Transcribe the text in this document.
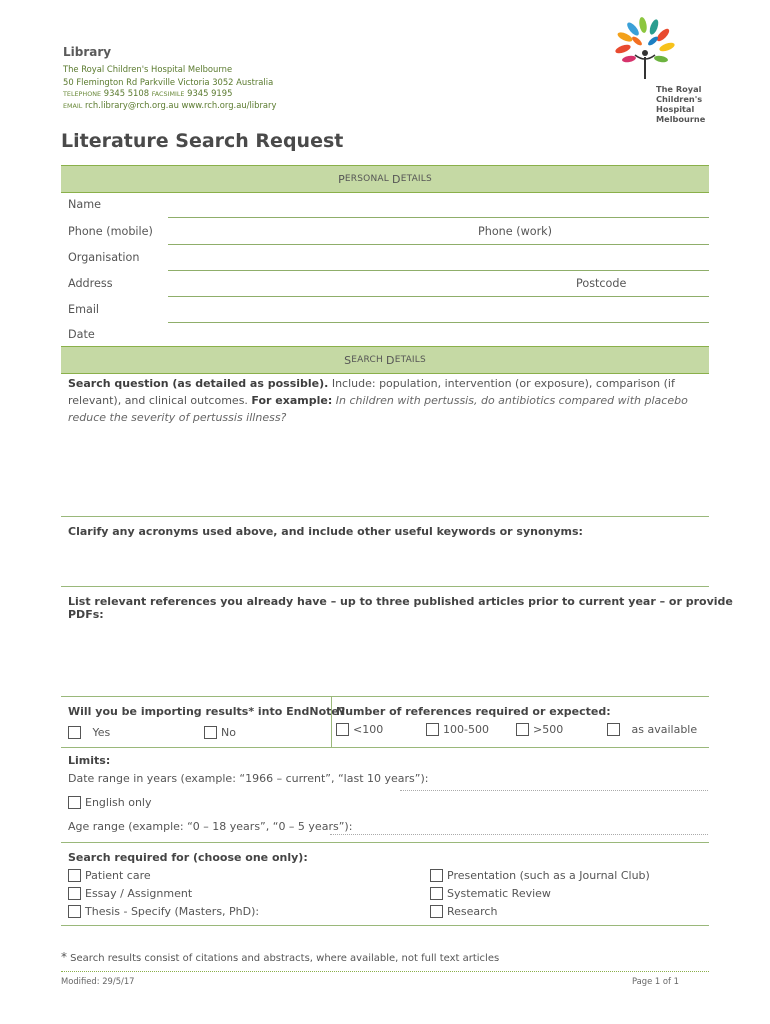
Library
The Royal Children's Hospital Melbourne
50 Flemington Rd Parkville Victoria 3052 Australia
TELEPHONE 9345 5108 FACSIMILE 9345 9195
EMAIL rch.library@rch.org.au www.rch.org.au/library
The Royal
Children's
Hospital
Melbourne
Literature Search Request
P ERSONAL
D ETAILS
Name
Phone (mobile)	Phone (work)
Organisation
Address	Postcode
Email
Date
S EARCH
D ETAILS
Search question (as detailed as possible). Include: population, intervention (or exposure), comparison (if relevant), and clinical outcomes. For example: In children with pertussis, do antibiotics compared with placebo reduce the severity of pertussis illness?
Clarify any acronyms used above, and include other useful keywords or synonyms:
List relevant references you already have – up to three published articles prior to current year – or provide PDFs:
Will you be importing results* into EndNote?

Yes	No
Number of references required or expected:
<100	100-500	>500
	as available
Limits:
Date range in years (example: “1966 – current”, “last 10 years”):
English only
Age range (example: “0 – 18 years”, “0 – 5 years”):
Search required for (choose one only):
Patient care
Essay / Assignment
Thesis - Specify (Masters, PhD):
Presentation (such as a Journal Club)
Systematic Review
Research
* Search results consist of citations and abstracts, where available, not full text articles
Modified: 29/5/17	Page 1 of 1
